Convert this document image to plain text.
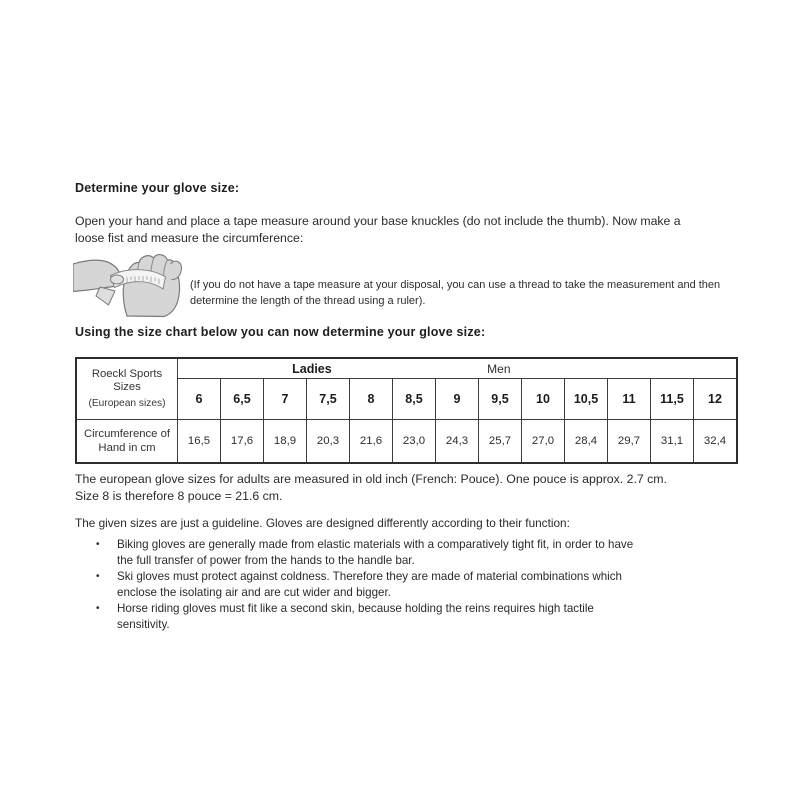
Determine your glove size:
Open your hand and place a tape measure around your base knuckles (do not include the thumb). Now make a
loose fist and measure the circumference:
(If you do not have a tape measure at your disposal, you can use a thread to take the measurement and then
determine the length of the thread using a ruler).
Using the size chart below you can now determine your glove size:
Roeckl Sports
Sizes
(European sizes)	Ladies Men												

	6	6,5	7	7,5	8	8,5	9	9,5	10	10,5	11	11,5	12
Circumference of
Hand in cm	16,5	17,6	18,9	20,3	21,6	23,0	24,3	25,7	27,0	28,4	29,7	31,1	32,4
The european glove sizes for adults are measured in old inch (French: Pouce). One pouce is approx. 2.7 cm.
Size 8 is therefore 8 pouce = 21.6 cm.
The given sizes are just a guideline. Gloves are designed differently according to their function:
•	Biking gloves are generally made from elastic materials with a comparatively tight fit, in order to have
the full transfer of power from the hands to the handle bar.
•	Ski gloves must protect against coldness. Therefore they are made of material combinations which
enclose the isolating air and are cut wider and bigger.
•	Horse riding gloves must fit like a second skin, because holding the reins requires high tactile
sensitivity.
